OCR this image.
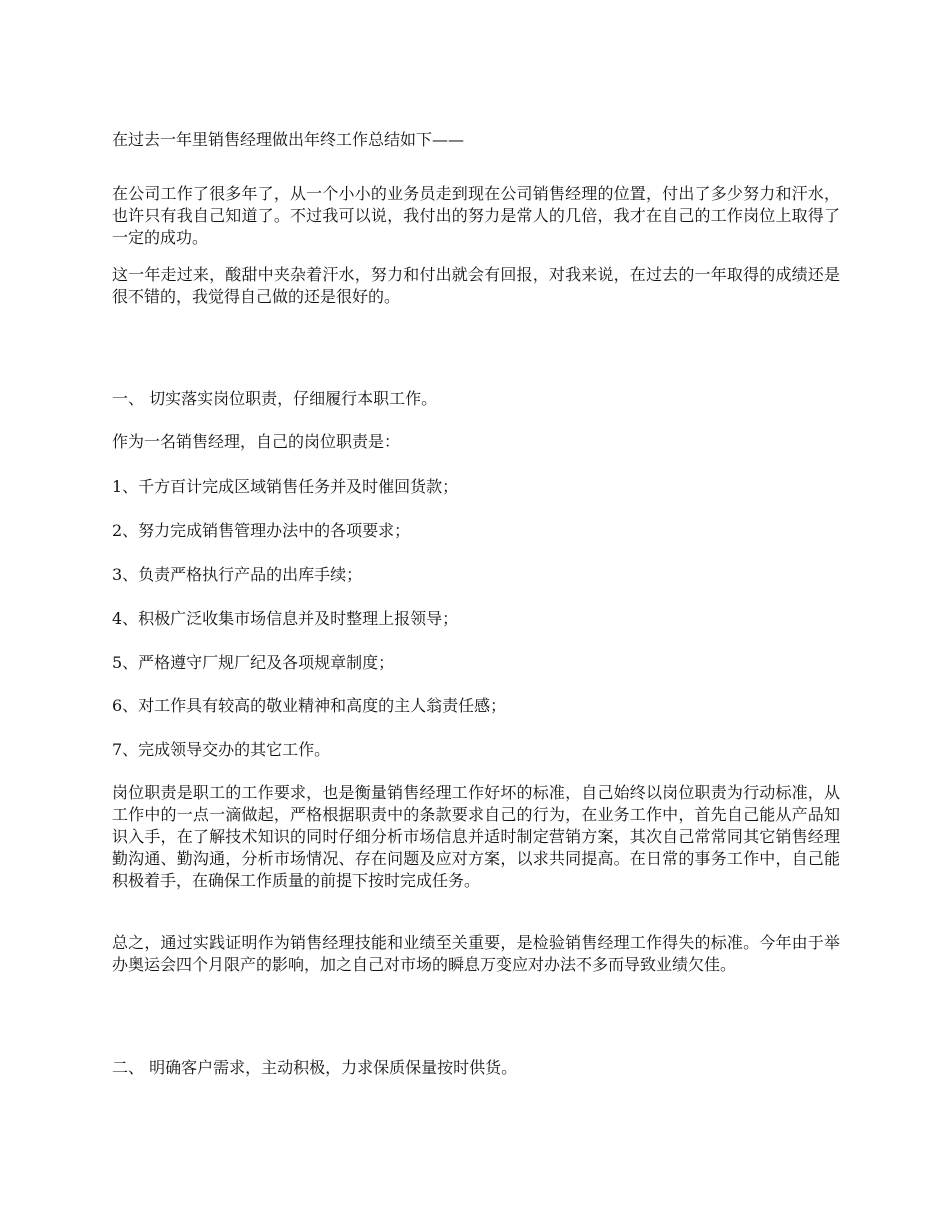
在过去一年里销售经理做出年终工作总结如下——

在公司工作了很多年了，从一个小小的业务员走到现在公司销售经理的位置，付出了多少努力和汗水，也许只有我自己知道了。不过我可以说，我付出的努力是常人的几倍，我才在自己的工作岗位上取得了一定的成功。

这一年走过来，酸甜中夹杂着汗水，努力和付出就会有回报，对我来说，在过去的一年取得的成绩还是很不错的，我觉得自己做的还是很好的。

一、 切实落实岗位职责，仔细履行本职工作。

作为一名销售经理，自己的岗位职责是：

1、千方百计完成区域销售任务并及时催回货款；

2、努力完成销售管理办法中的各项要求；

3、负责严格执行产品的出库手续；

4、积极广泛收集市场信息并及时整理上报领导；

5、严格遵守厂规厂纪及各项规章制度；

6、对工作具有较高的敬业精神和高度的主人翁责任感；

7、完成领导交办的其它工作。

岗位职责是职工的工作要求，也是衡量销售经理工作好坏的标准，自己始终以岗位职责为行动标准，从工作中的一点一滴做起，严格根据职责中的条款要求自己的行为，在业务工作中，首先自己能从产品知识入手，在了解技术知识的同时仔细分析市场信息并适时制定营销方案，其次自己常常同其它销售经理勤沟通、勤沟通，分析市场情况、存在问题及应对方案，以求共同提高。在日常的事务工作中，自己能积极着手，在确保工作质量的前提下按时完成任务。

总之，通过实践证明作为销售经理技能和业绩至关重要，是检验销售经理工作得失的标准。今年由于举办奥运会四个月限产的影响，加之自己对市场的瞬息万变应对办法不多而导致业绩欠佳。

二、 明确客户需求，主动积极，力求保质保量按时供货。
